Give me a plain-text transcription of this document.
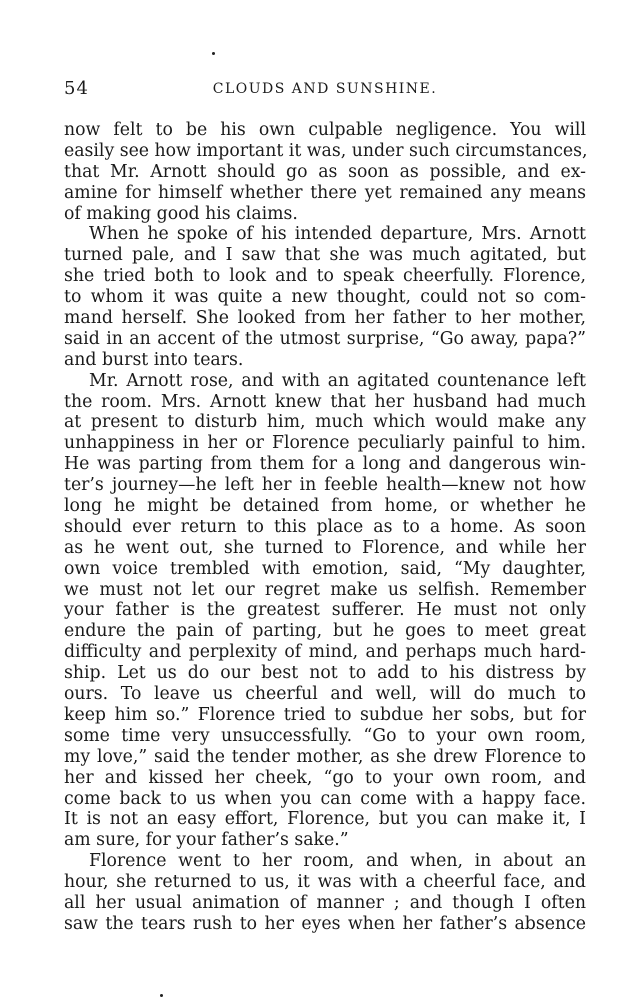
54	CLOUDS AND SUNSHINE.
now felt to be his own culpable negligence. You will
easily see how important it was, under such circumstances,
that Mr. Arnott should go as soon as possible, and ex-
amine for himself whether there yet remained any means
of making good his claims.
When he spoke of his intended departure, Mrs. Arnott
turned pale, and I saw that she was much agitated, but
she tried both to look and to speak cheerfully. Florence,
to whom it was quite a new thought, could not so com-
mand herself. She looked from her father to her mother,
said in an accent of the utmost surprise, “Go away, papa?”
and burst into tears.
Mr. Arnott rose, and with an agitated countenance left
the room. Mrs. Arnott knew that her husband had much
at present to disturb him, much which would make any
unhappiness in her or Florence peculiarly painful to him.
He was parting from them for a long and dangerous win-
ter’s journey—he left her in feeble health—knew not how
long he might be detained from home, or whether he
should ever return to this place as to a home. As soon
as he went out, she turned to Florence, and while her
own voice trembled with emotion, said, “My daughter,
we must not let our regret make us selfish. Remember
your father is the greatest sufferer. He must not only
endure the pain of parting, but he goes to meet great
difficulty and perplexity of mind, and perhaps much hard-
ship. Let us do our best not to add to his distress by
ours. To leave us cheerful and well, will do much to
keep him so.” Florence tried to subdue her sobs, but for
some time very unsuccessfully. “Go to your own room,
my love,” said the tender mother, as she drew Florence to
her and kissed her cheek, “go to your own room, and
come back to us when you can come with a happy face.
It is not an easy effort, Florence, but you can make it, I
am sure, for your father’s sake.”
Florence went to her room, and when, in about an
hour, she returned to us, it was with a cheerful face, and
all her usual animation of manner ; and though I often
saw the tears rush to her eyes when her father’s absence
